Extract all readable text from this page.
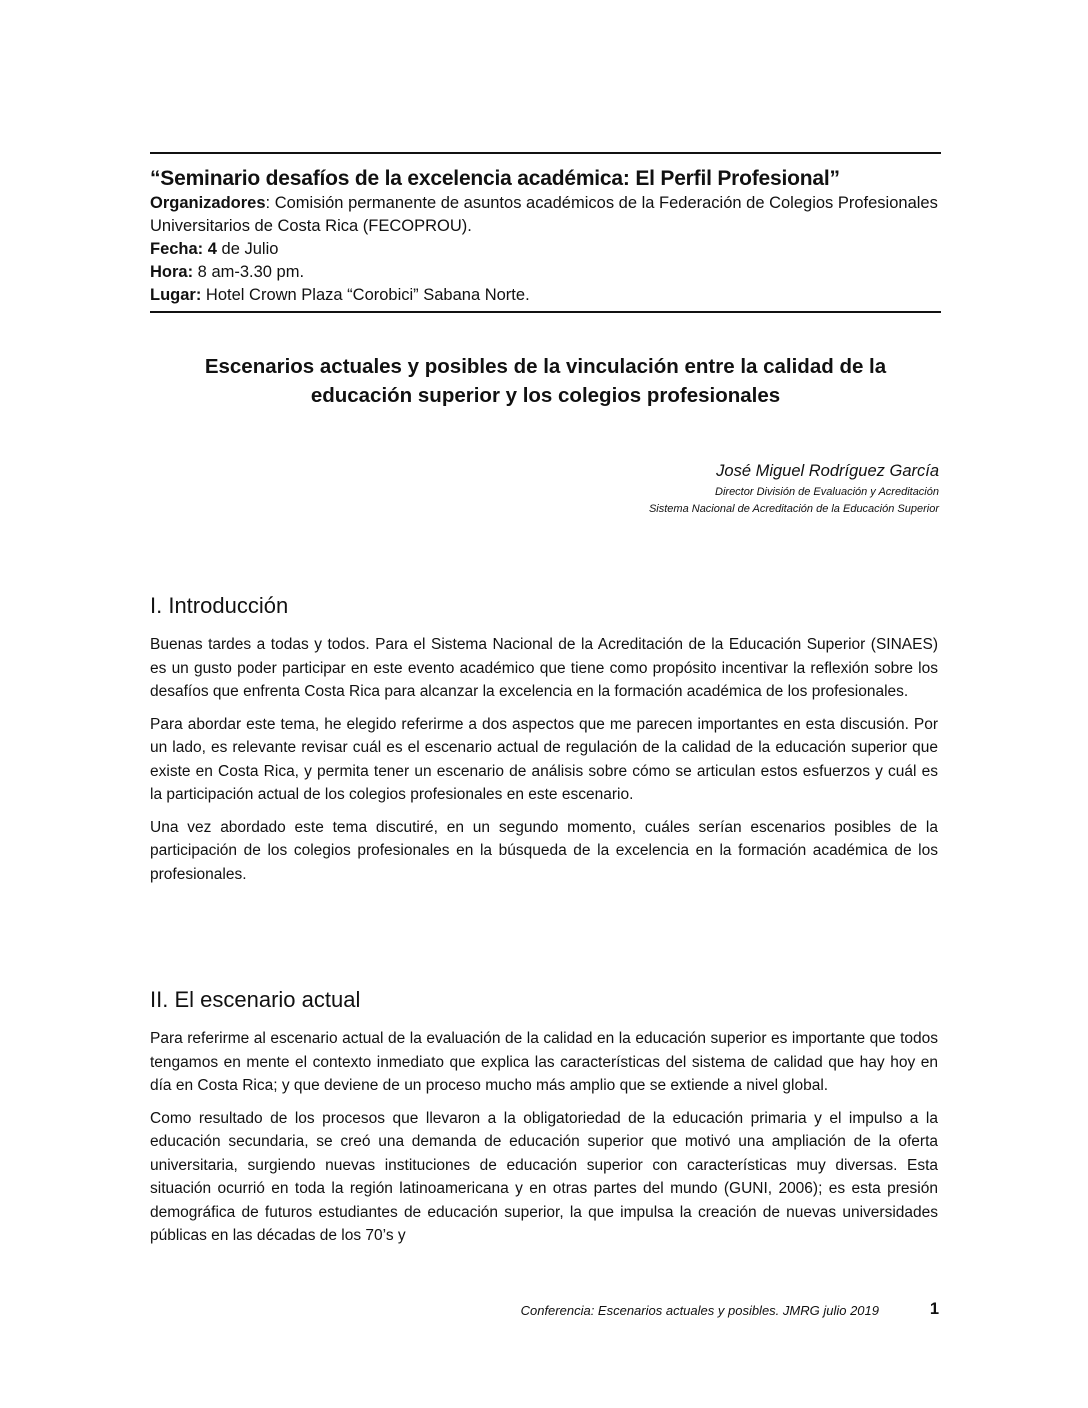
“Seminario desafíos de la excelencia académica: El Perfil Profesional”
Organizadores: Comisión permanente de asuntos académicos de la Federación de Colegios Profesionales Universitarios de Costa Rica (FECOPROU).
Fecha: 4 de Julio
Hora: 8 am-3.30 pm.
Lugar: Hotel Crown Plaza “Corobici” Sabana Norte.
Escenarios actuales y posibles de la vinculación entre la calidad de la
educación superior y los colegios profesionales
José Miguel Rodríguez García
Director División de Evaluación y Acreditación
Sistema Nacional de Acreditación de la Educación Superior
I. Introducción

Buenas tardes a todas y todos. Para el Sistema Nacional de la Acreditación de la Educación Superior (SINAES) es un gusto poder participar en este evento académico que tiene como propósito incentivar la reflexión sobre los desafíos que enfrenta Costa Rica para alcanzar la excelencia en la formación académica de los profesionales.

Para abordar este tema, he elegido referirme a dos aspectos que me parecen importantes en esta discusión. Por un lado, es relevante revisar cuál es el escenario actual de regulación de la calidad de la educación superior que existe en Costa Rica, y permita tener un escenario de análisis sobre cómo se articulan estos esfuerzos y cuál es la participación actual de los colegios profesionales en este escenario.

Una vez abordado este tema discutiré, en un segundo momento, cuáles serían escenarios posibles de la participación de los colegios profesionales en la búsqueda de la excelencia en la formación académica de los profesionales.

II. El escenario actual

Para referirme al escenario actual de la evaluación de la calidad en la educación superior es importante que todos tengamos en mente el contexto inmediato que explica las características del sistema de calidad que hay hoy en día en Costa Rica; y que deviene de un proceso mucho más amplio que se extiende a nivel global.

Como resultado de los procesos que llevaron a la obligatoriedad de la educación primaria y el impulso a la educación secundaria, se creó una demanda de educación superior que motivó una ampliación de la oferta universitaria, surgiendo nuevas instituciones de educación superior con características muy diversas. Esta situación ocurrió en toda la región latinoamericana y en otras partes del mundo (GUNI, 2006); es esta presión demográfica de futuros estudiantes de educación superior, la que impulsa la creación de nuevas universidades públicas en las décadas de los 70’s y

Conferencia: Escenarios actuales y posibles. JMRG julio 2019	1
